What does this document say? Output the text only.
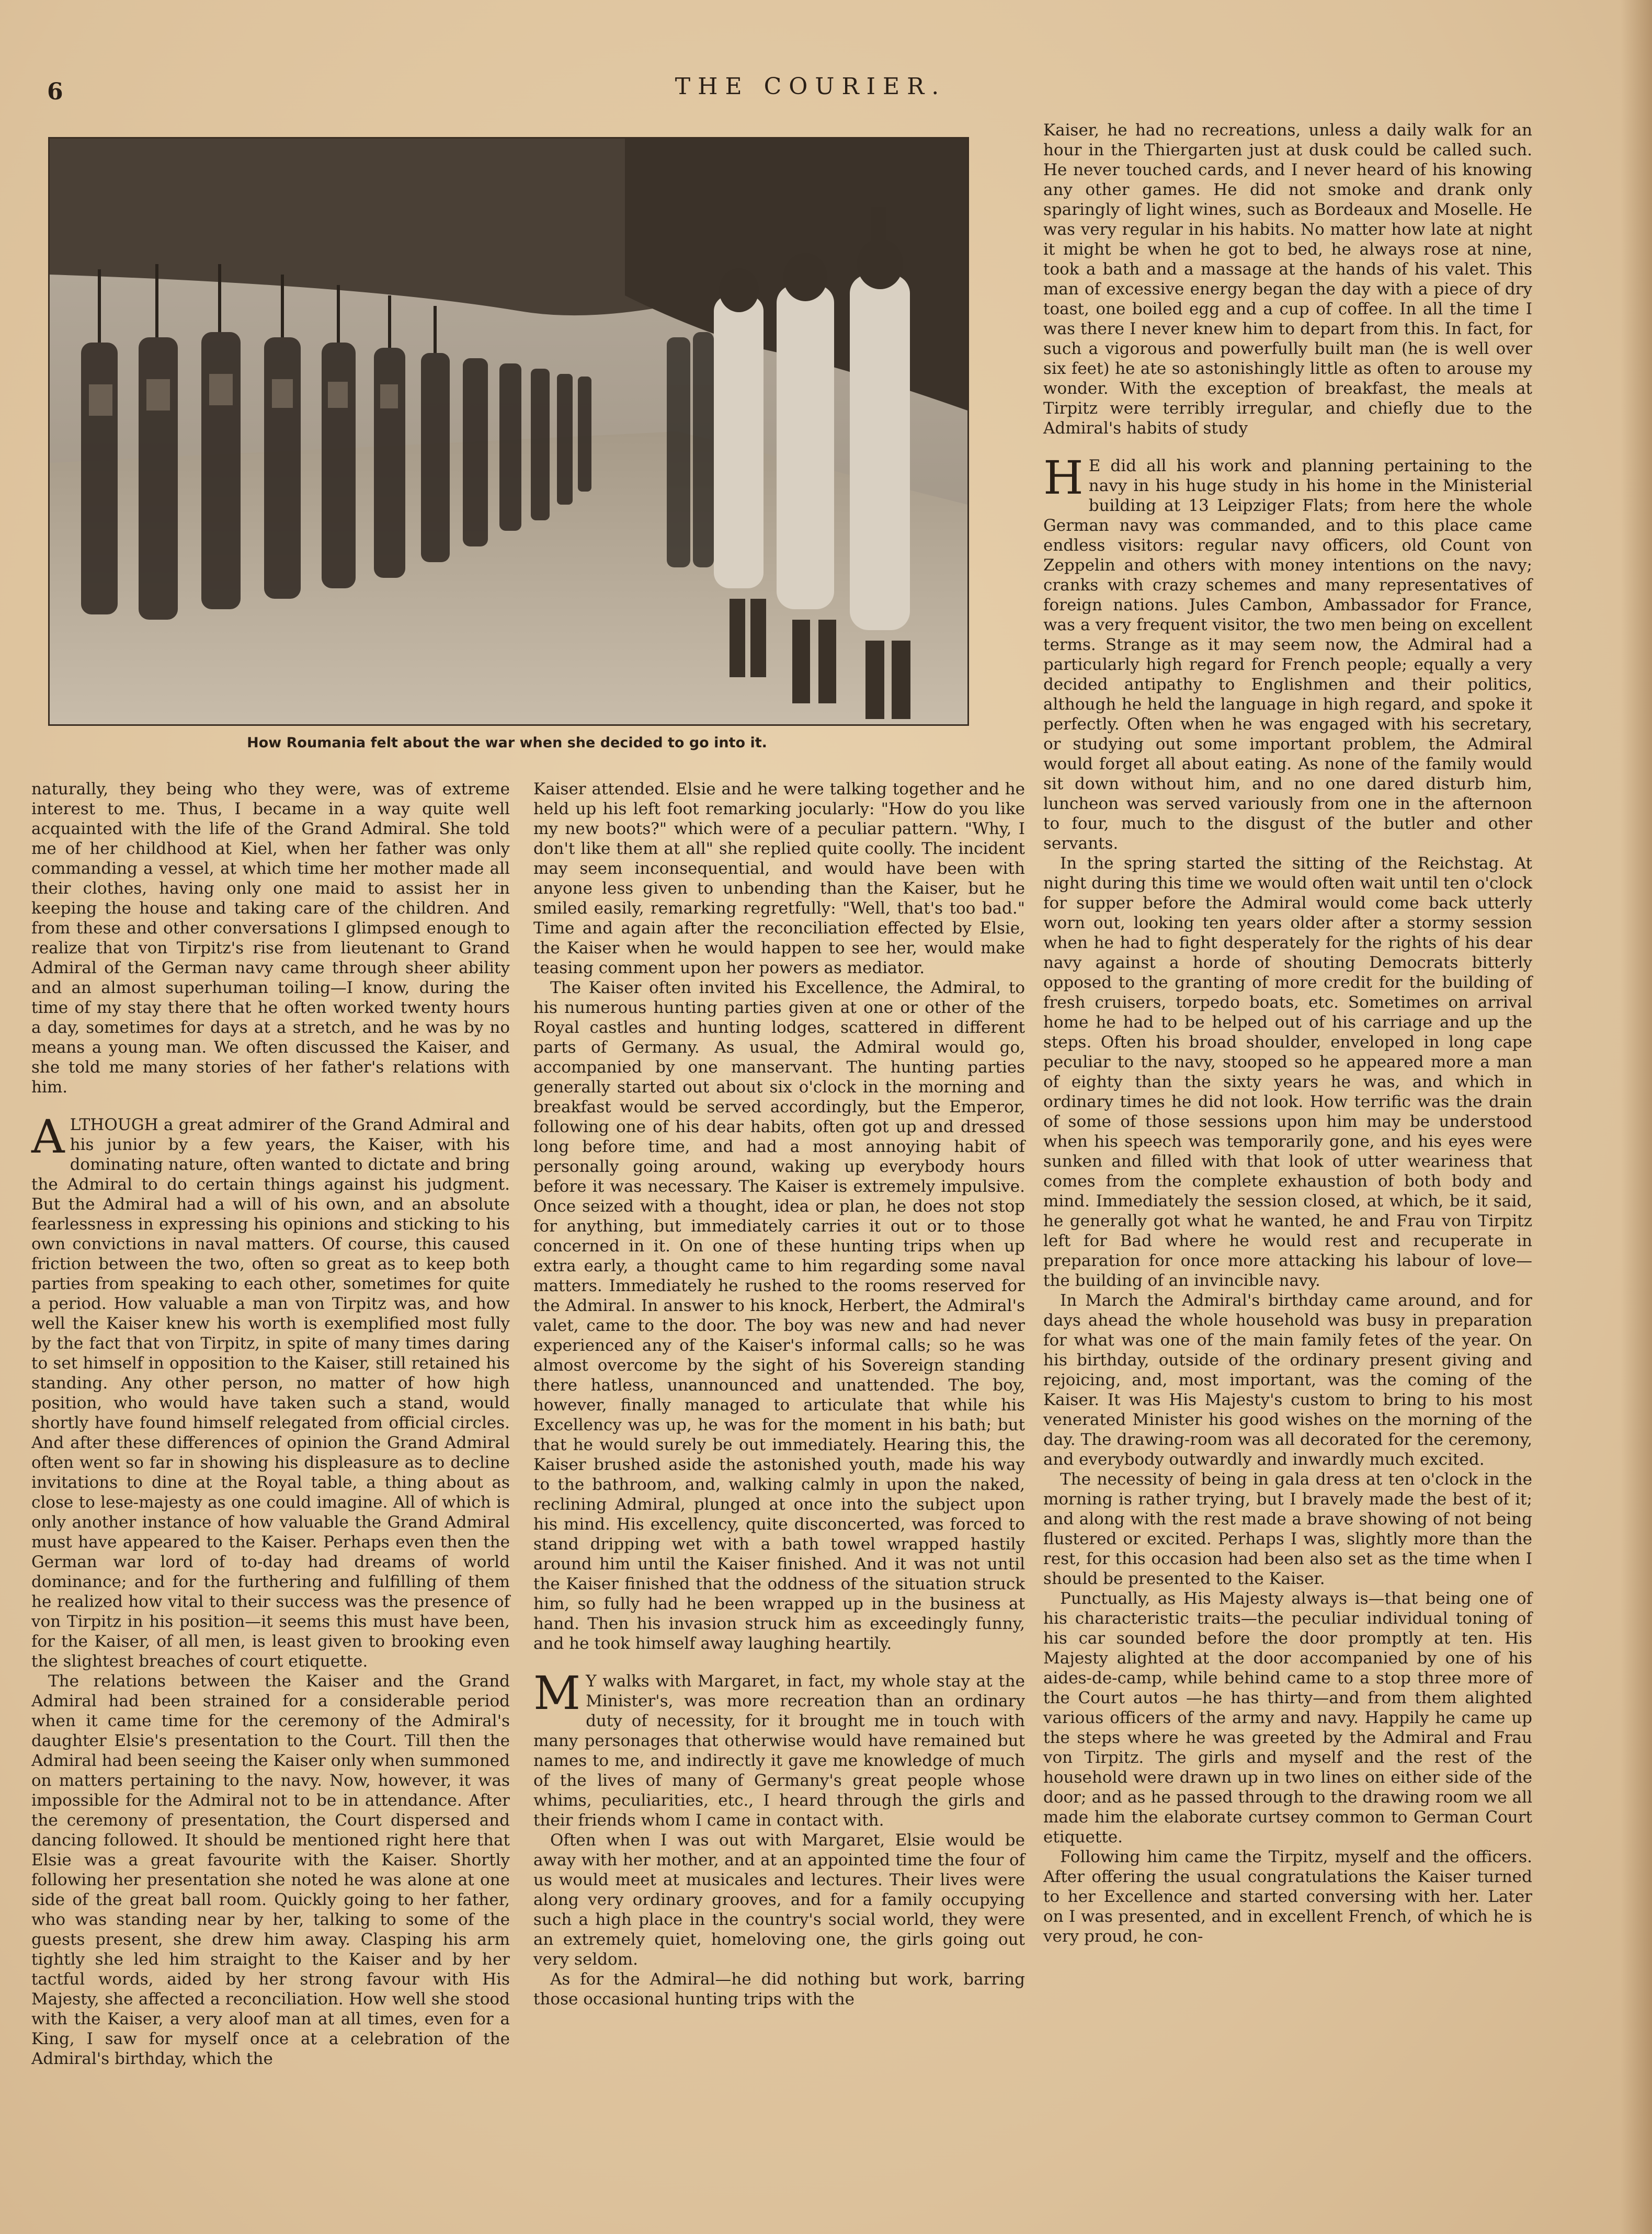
6	THE COURIER.
How Roumania felt about the war when she decided to go into it.

naturally, they being who they were, was of extreme interest to me. Thus, I became in a way quite well acquainted with the life of the Grand Admiral. She told me of her childhood at Kiel, when her father was only commanding a vessel, at which time her mother made all their clothes, having only one maid to assist her in keeping the house and taking care of the children. And from these and other conversations I glimpsed enough to realize that von Tirpitz's rise from lieutenant to Grand Admiral of the German navy came through sheer ability and an almost superhuman toiling—I know, during the time of my stay there that he often worked twenty hours a day, sometimes for days at a stretch, and he was by no means a young man. We often discussed the Kaiser, and she told me many stories of her father's relations with him.

ALTHOUGH a great admirer of the Grand Admiral and his junior by a few years, the Kaiser, with his dominating nature, often wanted to dictate and bring the Admiral to do certain things against his judgment. But the Admiral had a will of his own, and an absolute fearlessness in expressing his opinions and sticking to his own convictions in naval matters. Of course, this caused friction between the two, often so great as to keep both parties from speaking to each other, sometimes for quite a period. How valuable a man von Tirpitz was, and how well the Kaiser knew his worth is exemplified most fully by the fact that von Tirpitz, in spite of many times daring to set himself in opposition to the Kaiser, still retained his standing. Any other person, no matter of how high position, who would have taken such a stand, would shortly have found himself relegated from official circles. And after these differences of opinion the Grand Admiral often went so far in showing his displeasure as to decline invitations to dine at the Royal table, a thing about as close to lese-majesty as one could imagine. All of which is only another instance of how valuable the Grand Admiral must have appeared to the Kaiser. Perhaps even then the German war lord of to-day had dreams of world dominance; and for the furthering and fulfilling of them he realized how vital to their success was the presence of von Tirpitz in his position—it seems this must have been, for the Kaiser, of all men, is least given to brooking even the slightest breaches of court etiquette.

The relations between the Kaiser and the Grand Admiral had been strained for a considerable period when it came time for the ceremony of the Admiral's daughter Elsie's presentation to the Court. Till then the Admiral had been seeing the Kaiser only when summoned on matters pertaining to the navy. Now, however, it was impossible for the Admiral not to be in attendance. After the ceremony of presentation, the Court dispersed and dancing followed. It should be mentioned right here that Elsie was a great favourite with the Kaiser. Shortly following her presentation she noted he was alone at one side of the great ball room. Quickly going to her father, who was standing near by her, talking to some of the guests present, she drew him away. Clasping his arm tightly she led him straight to the Kaiser and by her tactful words, aided by her strong favour with His Majesty, she affected a reconciliation. How well she stood with the Kaiser, a very aloof man at all times, even for a King, I saw for myself once at a celebration of the Admiral's birthday, which the

Kaiser attended. Elsie and he were talking together and he held up his left foot remarking jocularly: "How do you like my new boots?" which were of a peculiar pattern. "Why, I don't like them at all" she replied quite coolly. The incident may seem inconsequential, and would have been with anyone less given to unbending than the Kaiser, but he smiled easily, remarking regretfully: "Well, that's too bad." Time and again after the reconciliation effected by Elsie, the Kaiser when he would happen to see her, would make teasing comment upon her powers as mediator.

The Kaiser often invited his Excellence, the Admiral, to his numerous hunting parties given at one or other of the Royal castles and hunting lodges, scattered in different parts of Germany. As usual, the Admiral would go, accompanied by one manservant. The hunting parties generally started out about six o'clock in the morning and breakfast would be served accordingly, but the Emperor, following one of his dear habits, often got up and dressed long before time, and had a most annoying habit of personally going around, waking up everybody hours before it was necessary. The Kaiser is extremely impulsive. Once seized with a thought, idea or plan, he does not stop for anything, but immediately carries it out or to those concerned in it. On one of these hunting trips when up extra early, a thought came to him regarding some naval matters. Immediately he rushed to the rooms reserved for the Admiral. In answer to his knock, Herbert, the Admiral's valet, came to the door. The boy was new and had never experienced any of the Kaiser's informal calls; so he was almost overcome by the sight of his Sovereign standing there hatless, unannounced and unattended. The boy, however, finally managed to articulate that while his Excellency was up, he was for the moment in his bath; but that he would surely be out immediately. Hearing this, the Kaiser brushed aside the astonished youth, made his way to the bathroom, and, walking calmly in upon the naked, reclining Admiral, plunged at once into the subject upon his mind. His excellency, quite disconcerted, was forced to stand dripping wet with a bath towel wrapped hastily around him until the Kaiser finished. And it was not until the Kaiser finished that the oddness of the situation struck him, so fully had he been wrapped up in the business at hand. Then his invasion struck him as exceedingly funny, and he took himself away laughing heartily.

M Y walks with Margaret, in fact, my whole stay at the Minister's, was more recreation than an ordinary duty of necessity, for it brought me in touch with many personages that otherwise would have remained but names to me, and indirectly it gave me knowledge of much of the lives of many of Germany's great people whose whims, peculiarities, etc., I heard through the girls and their friends whom I came in contact with.

Often when I was out with Margaret, Elsie would be away with her mother, and at an appointed time the four of us would meet at musicales and lectures. Their lives were along very ordinary grooves, and for a family occupying such a high place in the country's social world, they were an extremely quiet, homeloving one, the girls going out very seldom.

As for the Admiral—he did nothing but work, barring those occasional hunting trips with the

Kaiser, he had no recreations, unless a daily walk for an hour in the Thiergarten just at dusk could be called such. He never touched cards, and I never heard of his knowing any other games. He did not smoke and drank only sparingly of light wines, such as Bordeaux and Moselle. He was very regular in his habits. No matter how late at night it might be when he got to bed, he always rose at nine, took a bath and a massage at the hands of his valet. This man of excessive energy began the day with a piece of dry toast, one boiled egg and a cup of coffee. In all the time I was there I never knew him to depart from this. In fact, for such a vigorous and powerfully built man (he is well over six feet) he ate so astonishingly little as often to arouse my wonder. With the exception of breakfast, the meals at Tirpitz were terribly irregular, and chiefly due to the Admiral's habits of study

H E did all his work and planning pertaining to the navy in his huge study in his home in the Ministerial building at 13 Leipziger Flats; from here the whole German navy was commanded, and to this place came endless visitors: regular navy officers, old Count von Zeppelin and others with money intentions on the navy; cranks with crazy schemes and many representatives of foreign nations. Jules Cambon, Ambassador for France, was a very frequent visitor, the two men being on excellent terms. Strange as it may seem now, the Admiral had a particularly high regard for French people; equally a very decided antipathy to Englishmen and their politics, although he held the language in high regard, and spoke it perfectly. Often when he was engaged with his secretary, or studying out some important problem, the Admiral would forget all about eating. As none of the family would sit down without him, and no one dared disturb him, luncheon was served variously from one in the afternoon to four, much to the disgust of the butler and other servants.

In the spring started the sitting of the Reichstag. At night during this time we would often wait until ten o'clock for supper before the Admiral would come back utterly worn out, looking ten years older after a stormy session when he had to fight desperately for the rights of his dear navy against a horde of shouting Democrats bitterly opposed to the granting of more credit for the building of fresh cruisers, torpedo boats, etc. Sometimes on arrival home he had to be helped out of his carriage and up the steps. Often his broad shoulder, enveloped in long cape peculiar to the navy, stooped so he appeared more a man of eighty than the sixty years he was, and which in ordinary times he did not look. How terrific was the drain of some of those sessions upon him may be understood when his speech was temporarily gone, and his eyes were sunken and filled with that look of utter weariness that comes from the complete exhaustion of both body and mind. Immediately the session closed, at which, be it said, he generally got what he wanted, he and Frau von Tirpitz left for Bad where he would rest and recuperate in preparation for once more attacking his labour of love—the building of an invincible navy.

In March the Admiral's birthday came around, and for days ahead the whole household was busy in preparation for what was one of the main family fetes of the year. On his birthday, outside of the ordinary present giving and rejoicing, and, most important, was the coming of the Kaiser. It was His Majesty's custom to bring to his most venerated Minister his good wishes on the morning of the day. The drawing-room was all decorated for the ceremony, and everybody outwardly and inwardly much excited.

The necessity of being in gala dress at ten o'clock in the morning is rather trying, but I bravely made the best of it; and along with the rest made a brave showing of not being flustered or excited. Perhaps I was, slightly more than the rest, for this occasion had been also set as the time when I should be presented to the Kaiser.

Punctually, as His Majesty always is—that being one of his characteristic traits—the peculiar individual toning of his car sounded before the door promptly at ten. His Majesty alighted at the door accompanied by one of his aides-de-camp, while behind came to a stop three more of the Court autos —he has thirty—and from them alighted various officers of the army and navy. Happily he came up the steps where he was greeted by the Admiral and Frau von Tirpitz. The girls and myself and the rest of the household were drawn up in two lines on either side of the door; and as he passed through to the drawing room we all made him the elaborate curtsey common to German Court etiquette.

Following him came the Tirpitz, myself and the officers. After offering the usual congratulations the Kaiser turned to her Excellence and started conversing with her. Later on I was presented, and in excellent French, of which he is very proud, he con-
